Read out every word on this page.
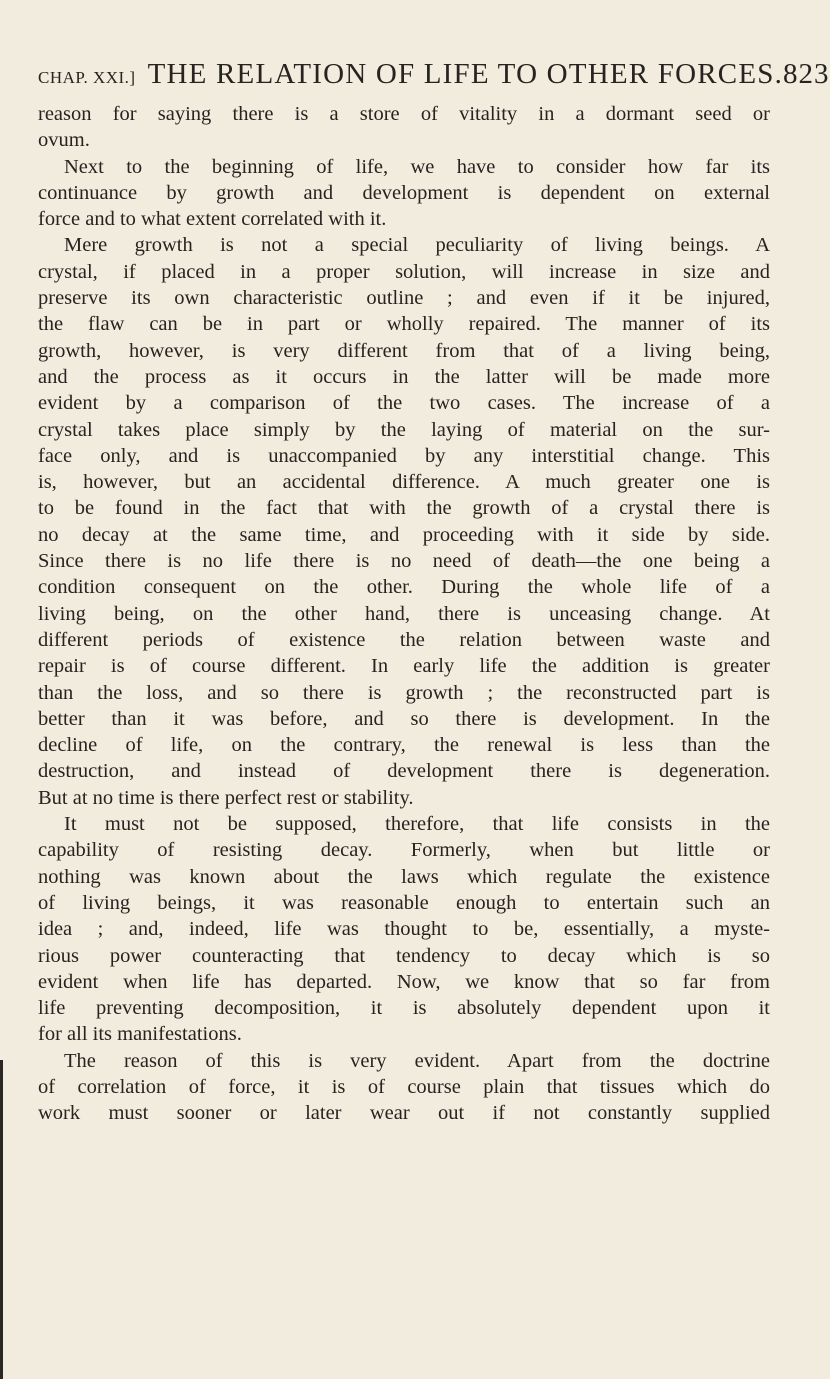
CHAP. XXI.] THE RELATION OF LIFE TO OTHER FORCES. 823
reason for saying there is a store of vitality in a dormant seed or
ovum.
Next to the beginning of life, we have to consider how far its
continuance by growth and development is dependent on external
force and to what extent correlated with it.
Mere growth is not a special peculiarity of living beings. A
crystal, if placed in a proper solution, will increase in size and
preserve its own characteristic outline ; and even if it be injured,
the flaw can be in part or wholly repaired. The manner of its
growth, however, is very different from that of a living being,
and the process as it occurs in the latter will be made more
evident by a comparison of the two cases. The increase of a
crystal takes place simply by the laying of material on the sur-
face only, and is unaccompanied by any interstitial change. This
is, however, but an accidental difference. A much greater one is
to be found in the fact that with the growth of a crystal there is
no decay at the same time, and proceeding with it side by side.
Since there is no life there is no need of death—the one being a
condition consequent on the other. During the whole life of a
living being, on the other hand, there is unceasing change. At
different periods of existence the relation between waste and
repair is of course different. In early life the addition is greater
than the loss, and so there is growth ; the reconstructed part is
better than it was before, and so there is development. In the
decline of life, on the contrary, the renewal is less than the
destruction, and instead of development there is degeneration.
But at no time is there perfect rest or stability.
It must not be supposed, therefore, that life consists in the
capability of resisting decay. Formerly, when but little or
nothing was known about the laws which regulate the existence
of living beings, it was reasonable enough to entertain such an
idea ; and, indeed, life was thought to be, essentially, a myste-
rious power counteracting that tendency to decay which is so
evident when life has departed. Now, we know that so far from
life preventing decomposition, it is absolutely dependent upon it
for all its manifestations.
The reason of this is very evident. Apart from the doctrine
of correlation of force, it is of course plain that tissues which do
work must sooner or later wear out if not constantly supplied
